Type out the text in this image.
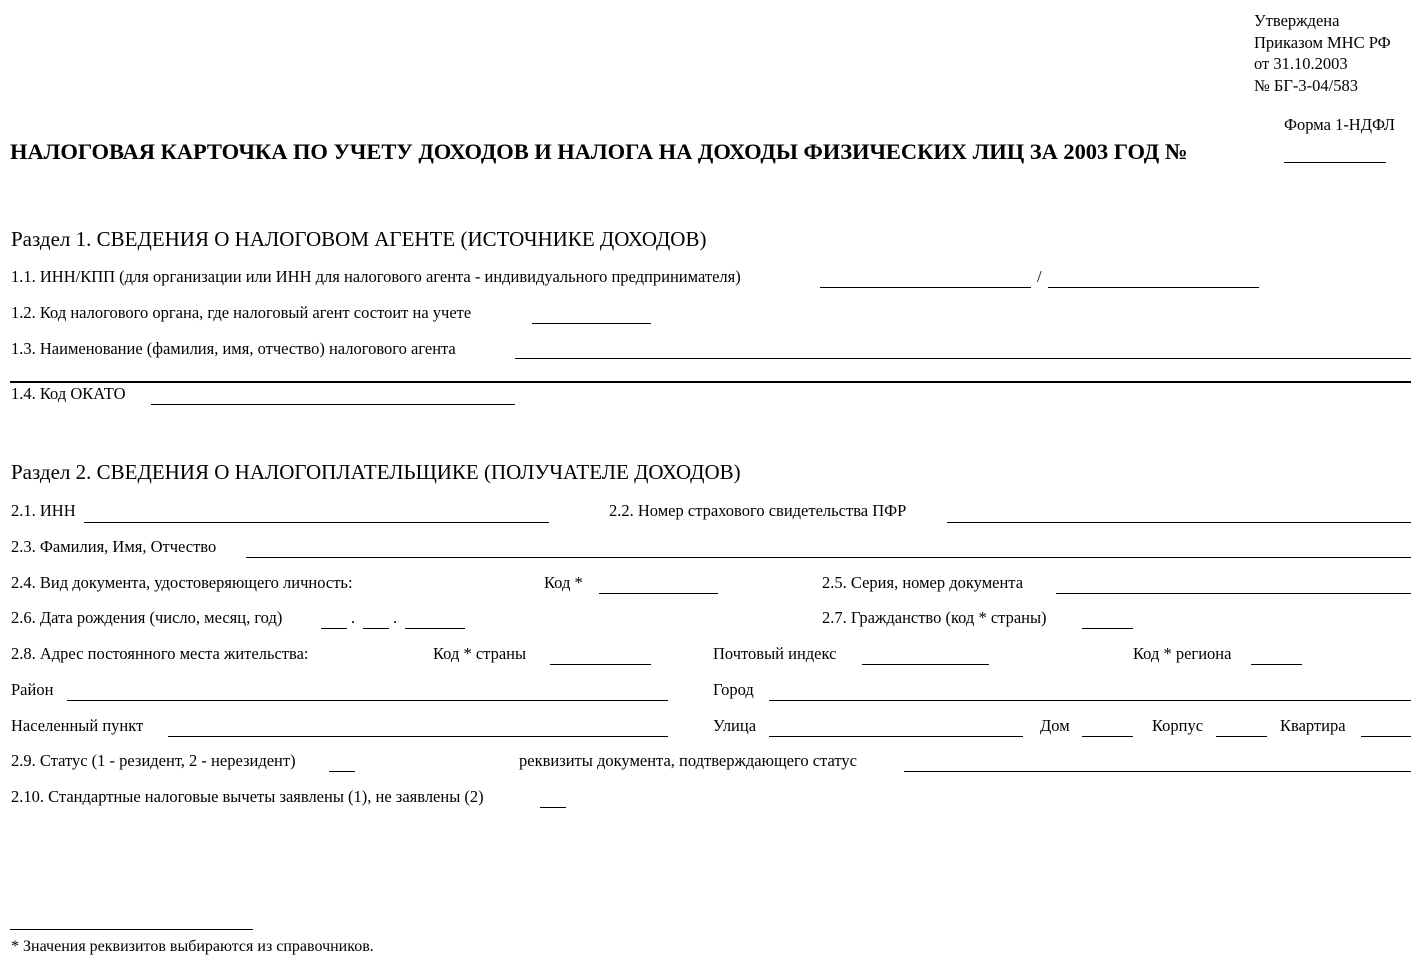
Утверждена
Приказом МНС РФ
от 31.10.2003
№ БГ-3-04/583
Форма 1-НДФЛ
НАЛОГОВАЯ КАРТОЧКА ПО УЧЕТУ ДОХОДОВ И НАЛОГА НА ДОХОДЫ ФИЗИЧЕСКИХ ЛИЦ ЗА 2003 ГОД №
Раздел 1. СВЕДЕНИЯ О НАЛОГОВОМ АГЕНТЕ (ИСТОЧНИКЕ ДОХОДОВ)
1.1. ИНН/КПП (для организации или ИНН для налогового агента - индивидуального предпринимателя)	/
1.2. Код налогового органа, где налоговый агент состоит на учете
1.3. Наименование (фамилия, имя, отчество) налогового агента
1.4. Код ОКАТО
Раздел 2. СВЕДЕНИЯ О НАЛОГОПЛАТЕЛЬЩИКЕ (ПОЛУЧАТЕЛЕ ДОХОДОВ)
2.1. ИНН	2.2. Номер страхового свидетельства ПФР
2.3. Фамилия, Имя, Отчество
2.4. Вид документа, удостоверяющего личность:	Код *	2.5. Серия, номер документа
2.6. Дата рождения (число, месяц, год)	. .	2.7. Гражданство (код * страны)
2.8. Адрес постоянного места жительства:	Код * страны	Почтовый индекс	Код * региона
Район	Город
Населенный пункт	Улица	Дом	Корпус	Квартира
2.9. Статус (1 - резидент, 2 - нерезидент)	реквизиты документа, подтверждающего статус
2.10. Стандартные налоговые вычеты заявлены (1), не заявлены (2)
* Значения реквизитов выбираются из справочников.
